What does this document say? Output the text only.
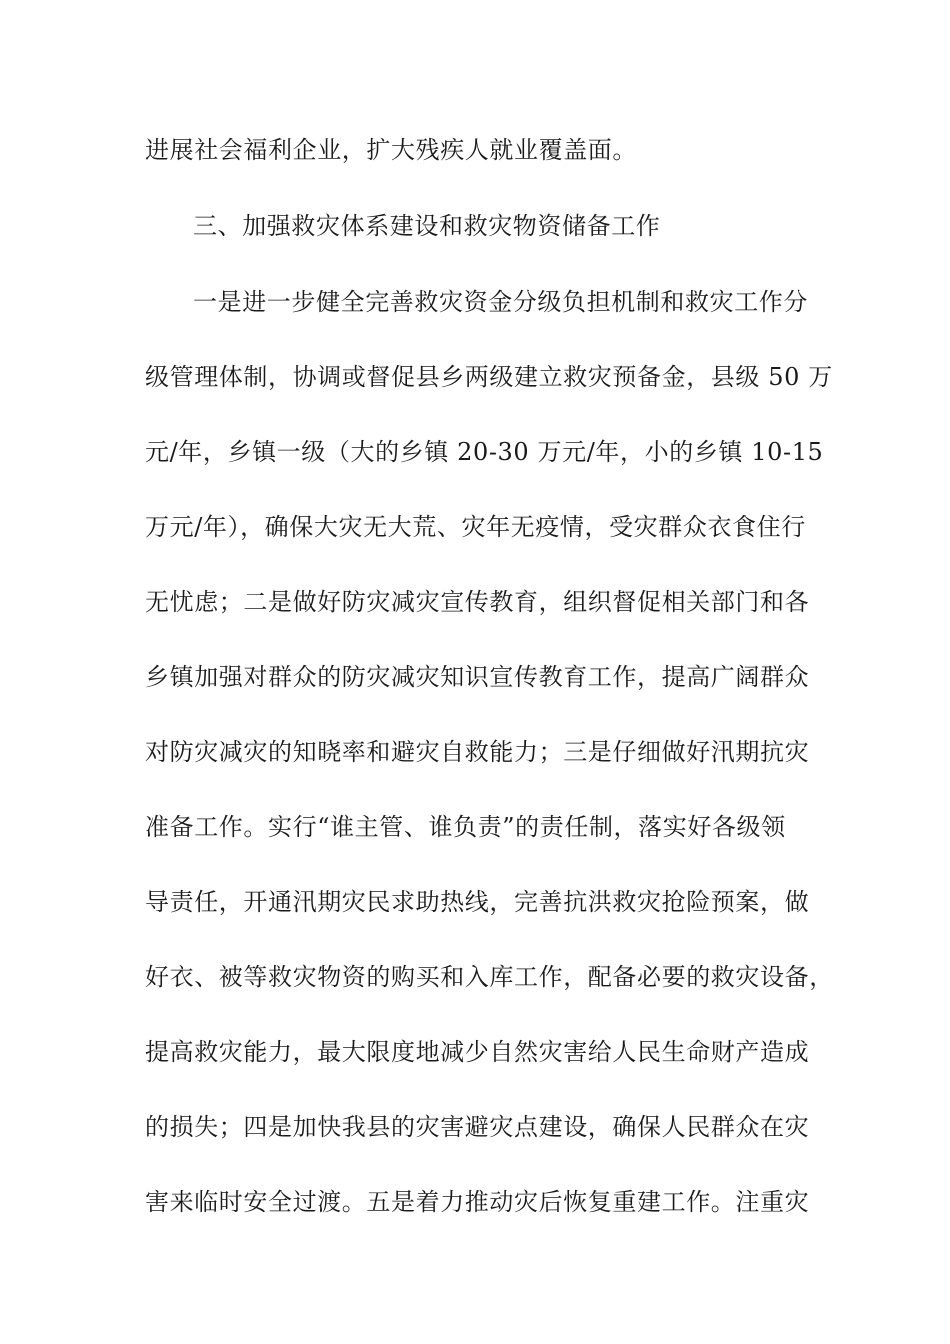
进展社会福利企业，扩大残疾人就业覆盖面。

三、加强救灾体系建设和救灾物资储备工作

一是进一步健全完善救灾资金分级负担机制和救灾工作分

级管理体制，协调或督促县乡两级建立救灾预备金，县级 50 万

元/年，乡镇一级（大的乡镇 20-30 万元/年，小的乡镇 10-15

万元/年），确保大灾无大荒、灾年无疫情，受灾群众衣食住行

无忧虑；二是做好防灾减灾宣传教育，组织督促相关部门和各

乡镇加强对群众的防灾减灾知识宣传教育工作，提高广阔群众

对防灾减灾的知晓率和避灾自救能力；三是仔细做好汛期抗灾

准备工作。实行“谁主管、谁负责”的责任制，落实好各级领

导责任，开通汛期灾民求助热线，完善抗洪救灾抢险预案，做

好衣、被等救灾物资的购买和入库工作，配备必要的救灾设备，

提高救灾能力，最大限度地减少自然灾害给人民生命财产造成

的损失；四是加快我县的灾害避灾点建设，确保人民群众在灾

害来临时安全过渡。五是着力推动灾后恢复重建工作。注重灾
